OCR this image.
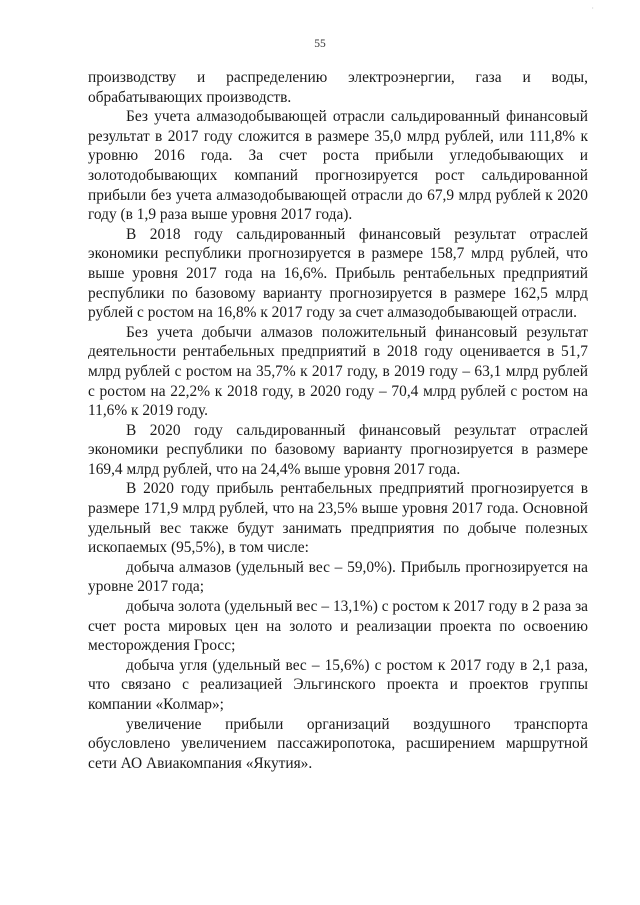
·
55

производству и распределению электроэнергии, газа и воды, обрабатывающих производств.

Без учета алмазодобывающей отрасли сальдированный финансовый результат в 2017 году сложится в размере 35,0 млрд рублей, или 111,8% к уровню 2016 года. За счет роста прибыли угледобывающих и золотодобывающих компаний прогнозируется рост сальдированной прибыли без учета алмазодобывающей отрасли до 67,9 млрд рублей к 2020 году (в 1,9 раза выше уровня 2017 года).

В 2018 году сальдированный финансовый результат отраслей экономики республики прогнозируется в размере 158,7 млрд рублей, что выше уровня 2017 года на 16,6%. Прибыль рентабельных предприятий республики по базовому варианту прогнозируется в размере 162,5 млрд рублей с ростом на 16,8% к 2017 году за счет алмазодобывающей отрасли.

Без учета добычи алмазов положительный финансовый результат деятельности рентабельных предприятий в 2018 году оценивается в 51,7 млрд рублей с ростом на 35,7% к 2017 году, в 2019 году – 63,1 млрд рублей с ростом на 22,2% к 2018 году, в 2020 году – 70,4 млрд рублей с ростом на 11,6% к 2019 году.

В 2020 году сальдированный финансовый результат отраслей экономики республики по базовому варианту прогнозируется в размере 169,4 млрд рублей, что на 24,4% выше уровня 2017 года.

В 2020 году прибыль рентабельных предприятий прогнозируется в размере 171,9 млрд рублей, что на 23,5% выше уровня 2017 года. Основной удельный вес также будут занимать предприятия по добыче полезных ископаемых (95,5%), в том числе:

добыча алмазов (удельный вес – 59,0%). Прибыль прогнозируется на уровне 2017 года;

добыча золота (удельный вес – 13,1%) с ростом к 2017 году в 2 раза за счет роста мировых цен на золото и реализации проекта по освоению месторождения Гросс;

добыча угля (удельный вес – 15,6%) с ростом к 2017 году в 2,1 раза, что связано с реализацией Эльгинского проекта и проектов группы компании «Колмар»;

увеличение прибыли организаций воздушного транспорта обусловлено увеличением пассажиропотока, расширением маршрутной сети АО Авиакомпания «Якутия».
